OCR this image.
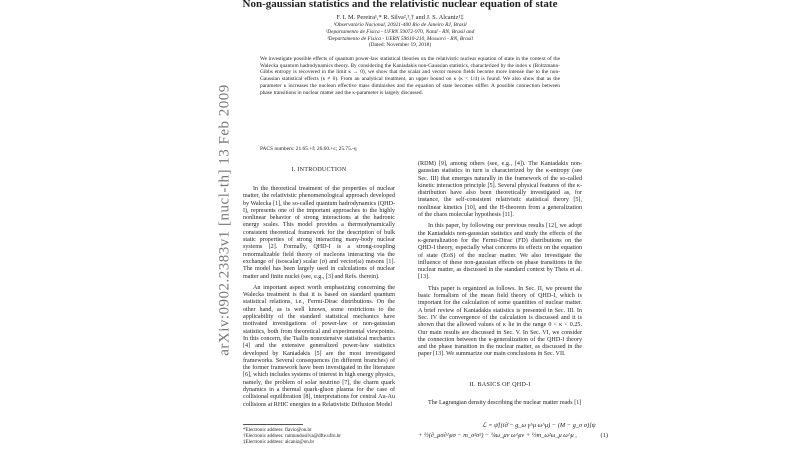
Non-gaussian statistics and the relativistic nuclear equation of state
F. I. M. Pereira¹,* R. Silva²,³,† and J. S. Alcaniz¹‡
¹Observatório Nacional, 20921-400 Rio de Janeiro RJ, Brasil
²Departamento de Física - UFRN 59072-970, Natal - RN, Brasil and
³Departamento de Física - UERN 59610-210, Mossoró - RN, Brasil
(Dated: November 19, 2018)
We investigate possible effects of quantum power-law statistical theories on the relativistic nuclear equation of state in the context of the Walecka quantum hadrodynamics theory. By considering the Kaniadakis non-Gaussian statistics, characterized by the index κ (Boltzmann-Gibbs entropy is recovered in the limit κ → 0), we show that the scalar and vector meson fields become more intense due to the non-Gaussian statistical effects (κ ≠ 0). From an analytical treatment, an upper bound on κ (κ < 1/4) is found. We also show that as the parameter κ increases the nucleon effective mass diminishes and the equation of state becomes stiffer. A possible connection between phase transitions in nuclear matter and the κ-parameter is largely discussed.
PACS numbers: 21.65.+f; 26.60.+c; 25.75.-q
arXiv:0902.2383v1 [nucl-th] 13 Feb 2009	I. INTRODUCTION

In the theoretical treatment of the properties of nuclear matter, the relativistic phenomenological approach developed by Walecka [1], the so-called quantum hadrodynamics (QHD-I), represents one of the important approaches to the highly nonlinear behavior of strong interactions at the hadronic energy scales. This model provides a thermodynamically consistent theoretical framework for the description of bulk static properties of strong interacting many-body nuclear systems [2]. Formally, QHD-I is a strong-coupling renormalizable field theory of nucleons interacting via the exchange of (isoscalar) scalar (σ) and vector(ω) mesons [1]. The model has been largely used in calculations of nuclear matter and finite nuclei (see, e.g., [3] and Refs. therein).

An important aspect worth emphasizing concerning the Walecka treatment is that it is based on standard quantum statistical relations, i.e., Fermi-Dirac distributions. On the other hand, as is well known, some restrictions to the applicability of the standard statistical mechanics have motivated investigations of power-law or non-gaussian statistics, both from theoretical and experimental viewpoints. In this concern, the Tsallis nonextensive statistical mechanics [4] and the extensive generalized power-law statistics developed by Kaniadakis [5] are the most investigated frameworks. Several consequences (in different branches) of the former framework have been investigated in the literature [6], which includes systems of interest in high energy physics, namely, the problem of solar neutrino [7], the charm quark dynamics in a thermal quark-gluon plasma for the case of collisional equilibration [8], interpretations for central Au-Au collisions at RHIC energies in a Relativistic Diffusion Model

*Electronic address: flavio@on.br
†Electronic address: raimundosilva@dfte.ufrn.br
‡Electronic address: alcaniz@on.br

(RDM) [9], among others (see, e.g., [4]). The Kaniadakis non-gaussian statistics in turn is characterized by the κ-entropy (see Sec. III) that emerges naturally in the framework of the so-called kinetic interaction principle [5]. Several physical features of the κ-distribution have also been theoretically investigated as, for instance, the self-consistent relativistic statistical theory [5], nonlinear kinetics [10], and the H-theorem from a generalization of the chaos molecular hypothesis [11].

In this paper, by following our previous results [12], we adopt the Kaniadakis non-gaussian statistics and study the effects of the κ-generalization for the Fermi-Dirac (FD) distributions on the QHD-I theory, especially what concerns its effects on the equation of state (EoS) of the nuclear matter. We also investigate the influence of these non-gaussian effects on phase transitions in the nuclear matter, as discussed in the standard context by Theis et al. [13].

This paper is organized as follows. In Sec. II, we present the basic formalism of the mean field theory of QHD-I, which is important for the calculation of some quantities of nuclear matter. A brief review of Kaniadakis statistics is presented in Sec. III. In Sec. IV the convergence of the calculation is discussed and it is shown that the allowed values of κ lie in the range 0 < κ < 0.25. Our main results are discussed in Sec. V. In Sec. VI, we consider the connection between the κ-generalization of the QHD-I theory and the phase transition in the nuclear matter, as discussed in the paper [13]. We summarize our main conclusions in Sec. VII.

II. BASICS OF QHD-I

The Lagrangian density describing the nuclear matter reads [1]

ℒ = ψ̄[(i∂̸ − g_ω γ^μ ω^μ) − (M − g_σ σ)]ψ
+ ½(∂_μσ∂^μσ − m_σ²σ²) − ¼ω_μν ω^μν + ½m_ω²ω_μ ω^μ ,	(1)
